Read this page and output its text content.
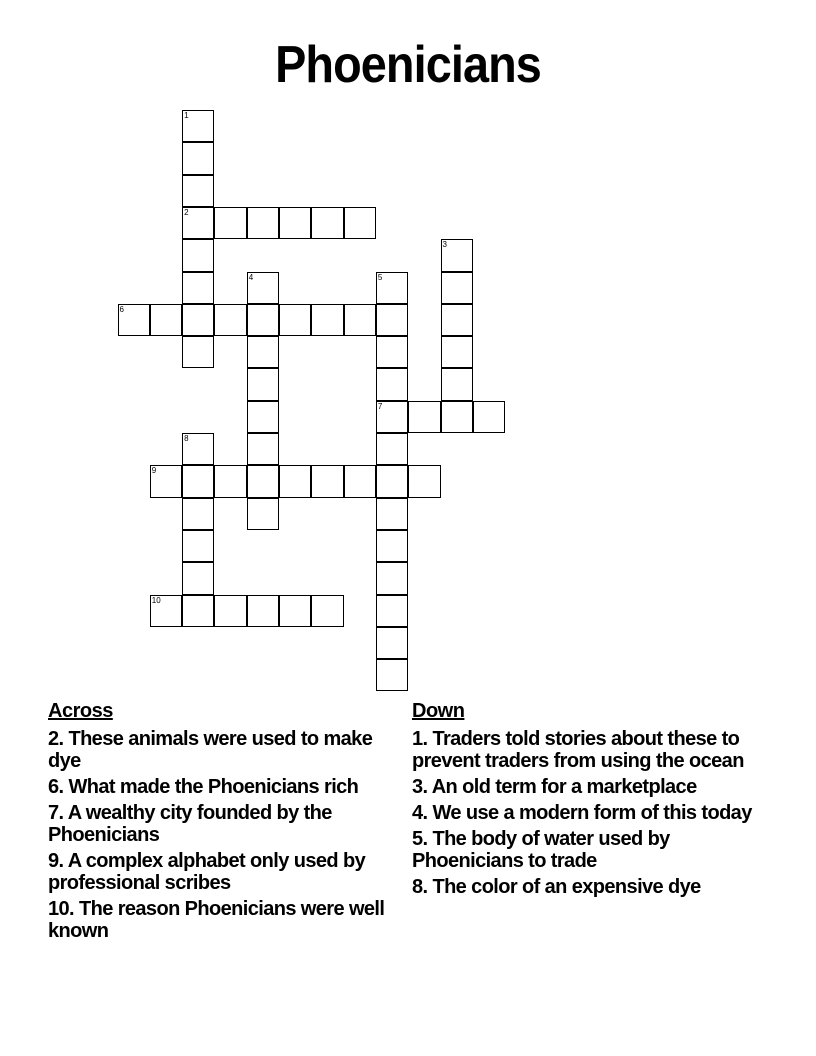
Phoenicians
1
2
3
4	5
6
7
8
9
10
Across
2. These animals were used to make dye
6. What made the Phoenicians rich
7. A wealthy city founded by the Phoenicians
9. A complex alphabet only used by professional scribes
10. The reason Phoenicians were well known
Down
1. Traders told stories about these to prevent traders from using the ocean
3. An old term for a marketplace
4. We use a modern form of this today
5. The body of water used by Phoenicians to trade
8. The color of an expensive dye
